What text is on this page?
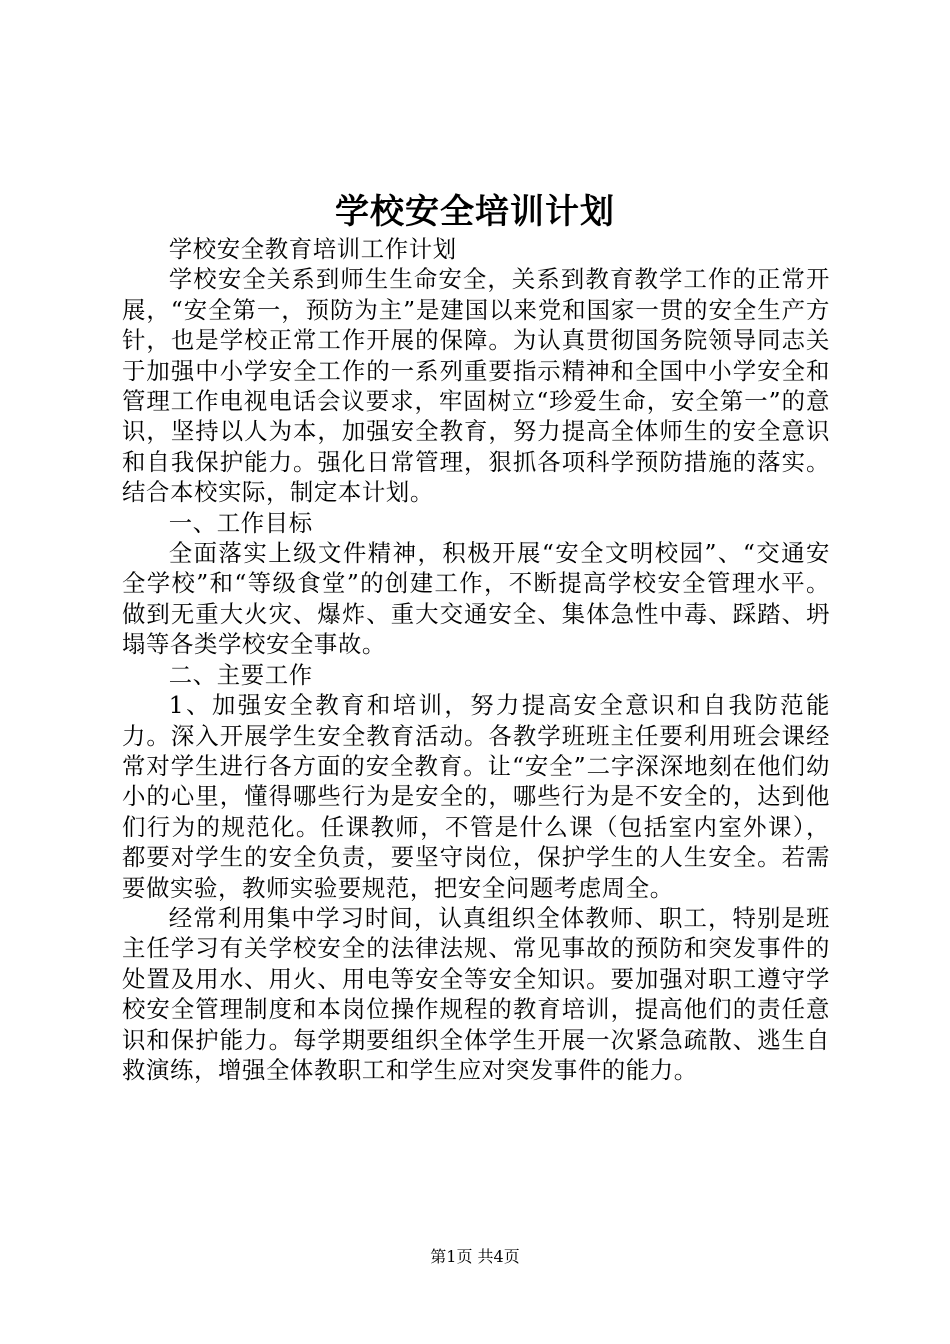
学校安全培训计划

学校安全教育培训工作计划

学校安全关系到师生生命安全，关系到教育教学工作的正常开展，“安全第一，预防为主”是建国以来党和国家一贯的安全生产方针，也是学校正常工作开展的保障。为认真贯彻国务院领导同志关于加强中小学安全工作的一系列重要指示精神和全国中小学安全和管理工作电视电话会议要求，牢固树立“珍爱生命，安全第一”的意识，坚持以人为本，加强安全教育，努力提高全体师生的安全意识和自我保护能力。强化日常管理，狠抓各项科学预防措施的落实。结合本校实际，制定本计划。

一、工作目标

全面落实上级文件精神，积极开展“安全文明校园”、“交通安全学校”和“等级食堂”的创建工作，不断提高学校安全管理水平。做到无重大火灾、爆炸、重大交通安全、集体急性中毒、踩踏、坍塌等各类学校安全事故。

二、主要工作

1、加强安全教育和培训，努力提高安全意识和自我防范能力。深入开展学生安全教育活动。各教学班班主任要利用班会课经常对学生进行各方面的安全教育。让“安全”二字深深地刻在他们幼小的心里，懂得哪些行为是安全的，哪些行为是不安全的，达到他们行为的规范化。任课教师，不管是什么课（包括室内室外课），都要对学生的安全负责，要坚守岗位，保护学生的人生安全。若需要做实验，教师实验要规范，把安全问题考虑周全。

经常利用集中学习时间，认真组织全体教师、职工，特别是班主任学习有关学校安全的法律法规、常见事故的预防和突发事件的处置及用水、用火、用电等安全等安全知识。要加强对职工遵守学校安全管理制度和本岗位操作规程的教育培训，提高他们的责任意识和保护能力。每学期要组织全体学生开展一次紧急疏散、逃生自救演练，增强全体教职工和学生应对突发事件的能力。

第1页 共4页
